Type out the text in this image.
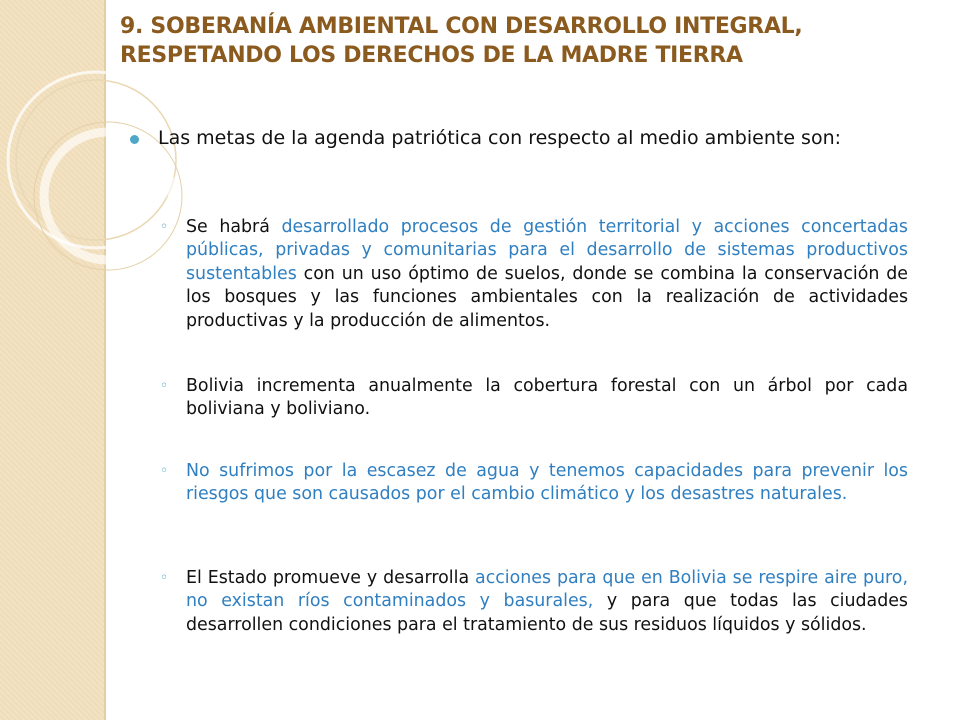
9. SOBERANÍA AMBIENTAL CON DESARROLLO INTEGRAL, RESPETANDO LOS DERECHOS DE LA MADRE TIERRA
Las metas de la agenda patriótica con respecto al medio ambiente son:
◦ Se habrá desarrollado procesos de gestión territorial y acciones concertadas públicas, privadas y comunitarias para el desarrollo de sistemas productivos sustentables con un uso óptimo de suelos, donde se combina la conservación de los bosques y las funciones ambientales con la realización de actividades productivas y la producción de alimentos.
◦ Bolivia incrementa anualmente la cobertura forestal con un árbol por cada boliviana y boliviano.
◦ No sufrimos por la escasez de agua y tenemos capacidades para prevenir los riesgos que son causados por el cambio climático y los desastres naturales.
◦ El Estado promueve y desarrolla acciones para que en Bolivia se respire aire puro, no existan ríos contaminados y basurales, y para que todas las ciudades desarrollen condiciones para el tratamiento de sus residuos líquidos y sólidos.
